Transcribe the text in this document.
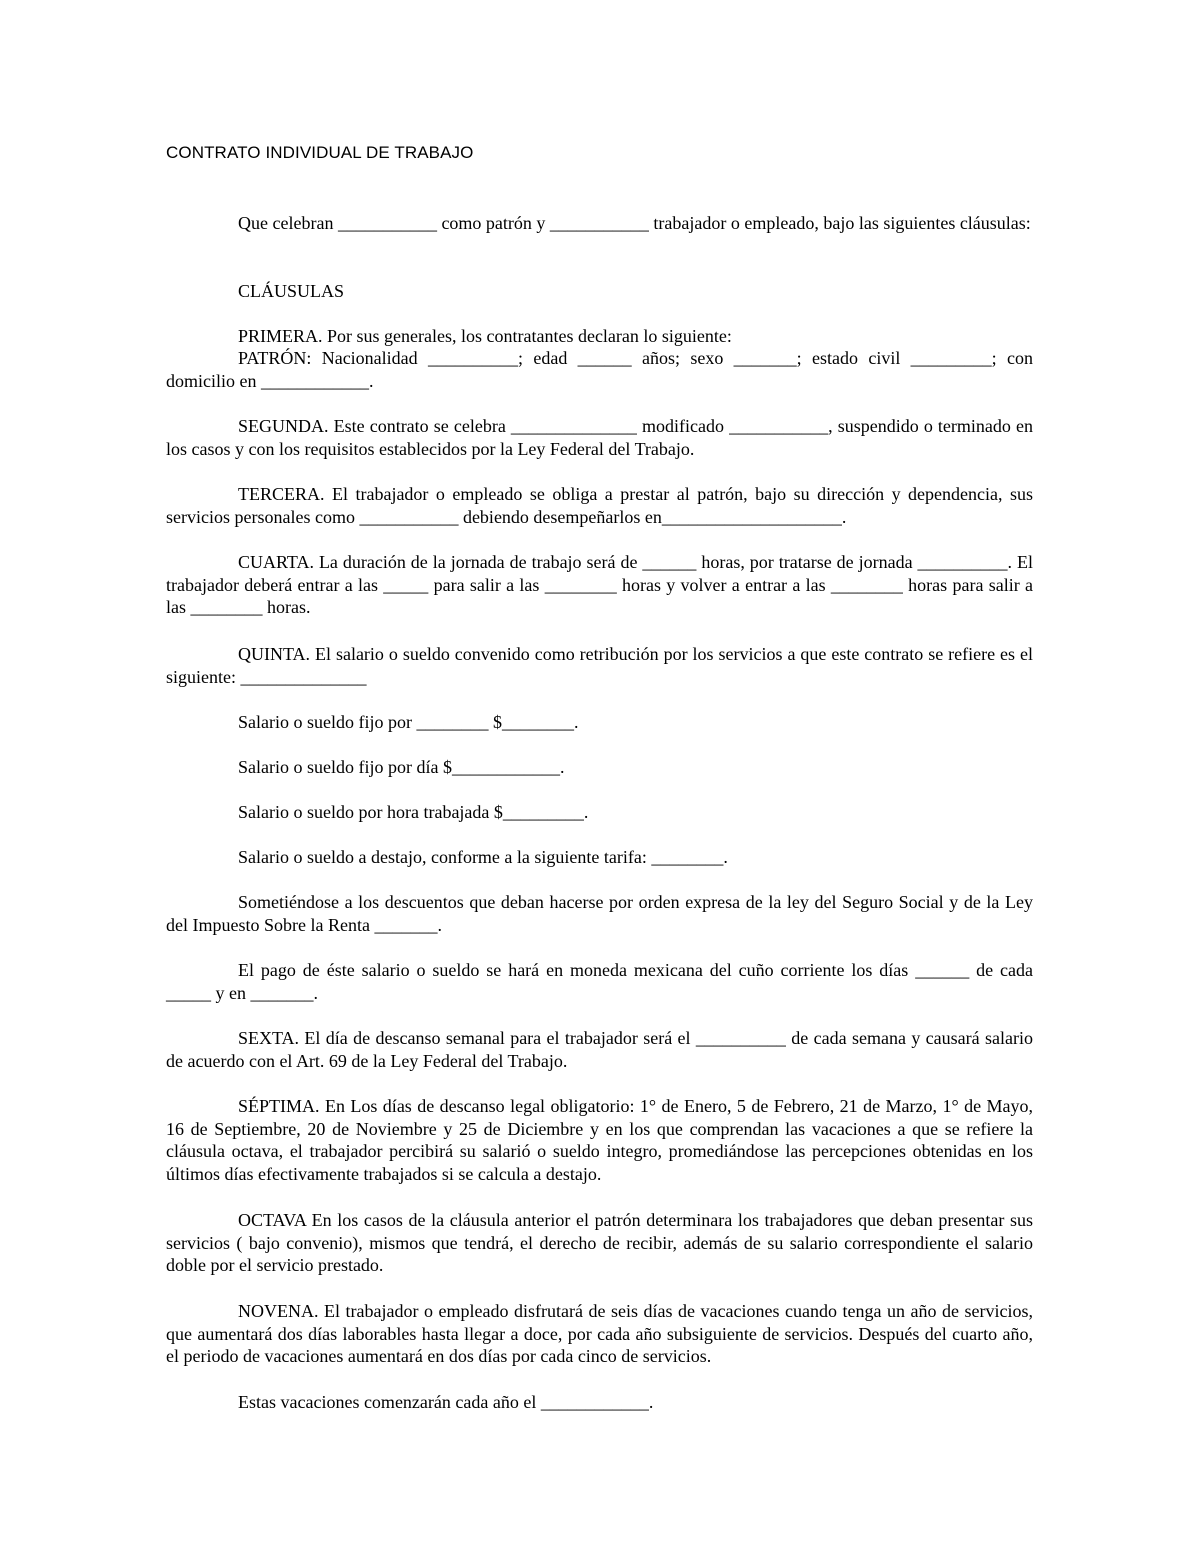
CONTRATO INDIVIDUAL DE TRABAJO
Que celebran ___________ como patrón y ___________ trabajador o empleado, bajo las siguientes cláusulas:
CLÁUSULAS
PRIMERA. Por sus generales, los contratantes declaran lo siguiente:
PATRÓN: Nacionalidad __________; edad ______ años; sexo _______; estado civil _________; con domicilio en ____________.
SEGUNDA. Este contrato se celebra ______________ modificado ___________, suspendido o terminado en los casos y con los requisitos establecidos por la Ley Federal del Trabajo.
TERCERA. El trabajador o empleado se obliga a prestar al patrón, bajo su dirección y dependencia, sus servicios personales como ___________ debiendo desempeñarlos en____________________.
CUARTA. La duración de la jornada de trabajo será de ______ horas, por tratarse de jornada __________. El trabajador deberá entrar a las _____ para salir a las ________ horas y volver a entrar a las ________ horas para salir a las ________ horas.
QUINTA. El salario o sueldo convenido como retribución por los servicios a que este contrato se refiere es el siguiente: ______________
Salario o sueldo fijo por ________ $________.
Salario o sueldo fijo por día $____________.
Salario o sueldo por hora trabajada $_________.
Salario o sueldo a destajo, conforme a la siguiente tarifa: ________.
Sometiéndose a los descuentos que deban hacerse por orden expresa de la ley del Seguro Social y de la Ley del Impuesto Sobre la Renta _______.
El pago de éste salario o sueldo se hará en moneda mexicana del cuño corriente los días ______ de cada _____ y en _______.
SEXTA. El día de descanso semanal para el trabajador será el __________ de cada semana y causará salario de acuerdo con el Art. 69 de la Ley Federal del Trabajo.
SÉPTIMA. En Los días de descanso legal obligatorio: 1° de Enero, 5 de Febrero, 21 de Marzo, 1° de Mayo, 16 de Septiembre, 20 de Noviembre y 25 de Diciembre y en los que comprendan las vacaciones a que se refiere la cláusula octava, el trabajador percibirá su salarió o sueldo integro, promediándose las percepciones obtenidas en los últimos días efectivamente trabajados si se calcula a destajo.
OCTAVA En los casos de la cláusula anterior el patrón determinara los trabajadores que deban presentar sus servicios ( bajo convenio), mismos que tendrá, el derecho de recibir, además de su salario correspondiente el salario doble por el servicio prestado.
NOVENA. El trabajador o empleado disfrutará de seis días de vacaciones cuando tenga un año de servicios, que aumentará dos días laborables hasta llegar a doce, por cada año subsiguiente de servicios. Después del cuarto año, el periodo de vacaciones aumentará en dos días por cada cinco de servicios.
Estas vacaciones comenzarán cada año el ____________.
